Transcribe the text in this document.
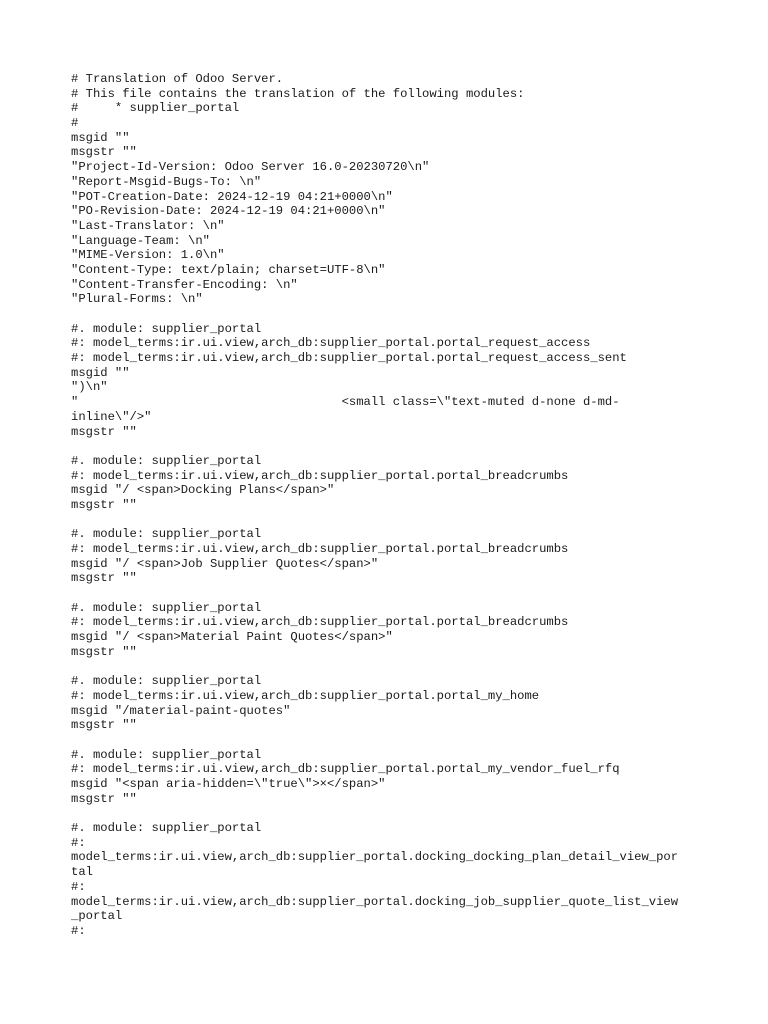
# Translation of Odoo Server.
# This file contains the translation of the following modules:
#     * supplier_portal
#
msgid ""
msgstr ""
"Project-Id-Version: Odoo Server 16.0-20230720\n"
"Report-Msgid-Bugs-To: \n"
"POT-Creation-Date: 2024-12-19 04:21+0000\n"
"PO-Revision-Date: 2024-12-19 04:21+0000\n"
"Last-Translator: \n"
"Language-Team: \n"
"MIME-Version: 1.0\n"
"Content-Type: text/plain; charset=UTF-8\n"
"Content-Transfer-Encoding: \n"
"Plural-Forms: \n"
#. module: supplier_portal
#: model_terms:ir.ui.view,arch_db:supplier_portal.portal_request_access
#: model_terms:ir.ui.view,arch_db:supplier_portal.portal_request_access_sent
msgid ""
")\n"
"                                    <small class=\"text-muted d-none d-md-
inline\"/>"
msgstr ""
#. module: supplier_portal
#: model_terms:ir.ui.view,arch_db:supplier_portal.portal_breadcrumbs
msgid "/ <span>Docking Plans</span>"
msgstr ""
#. module: supplier_portal
#: model_terms:ir.ui.view,arch_db:supplier_portal.portal_breadcrumbs
msgid "/ <span>Job Supplier Quotes</span>"
msgstr ""
#. module: supplier_portal
#: model_terms:ir.ui.view,arch_db:supplier_portal.portal_breadcrumbs
msgid "/ <span>Material Paint Quotes</span>"
msgstr ""
#. module: supplier_portal
#: model_terms:ir.ui.view,arch_db:supplier_portal.portal_my_home
msgid "/material-paint-quotes"
msgstr ""
#. module: supplier_portal
#: model_terms:ir.ui.view,arch_db:supplier_portal.portal_my_vendor_fuel_rfq
msgid "<span aria-hidden=\"true\">×</span>"
msgstr ""
#. module: supplier_portal
#:
model_terms:ir.ui.view,arch_db:supplier_portal.docking_docking_plan_detail_view_por
tal
#:
model_terms:ir.ui.view,arch_db:supplier_portal.docking_job_supplier_quote_list_view
_portal
#:
